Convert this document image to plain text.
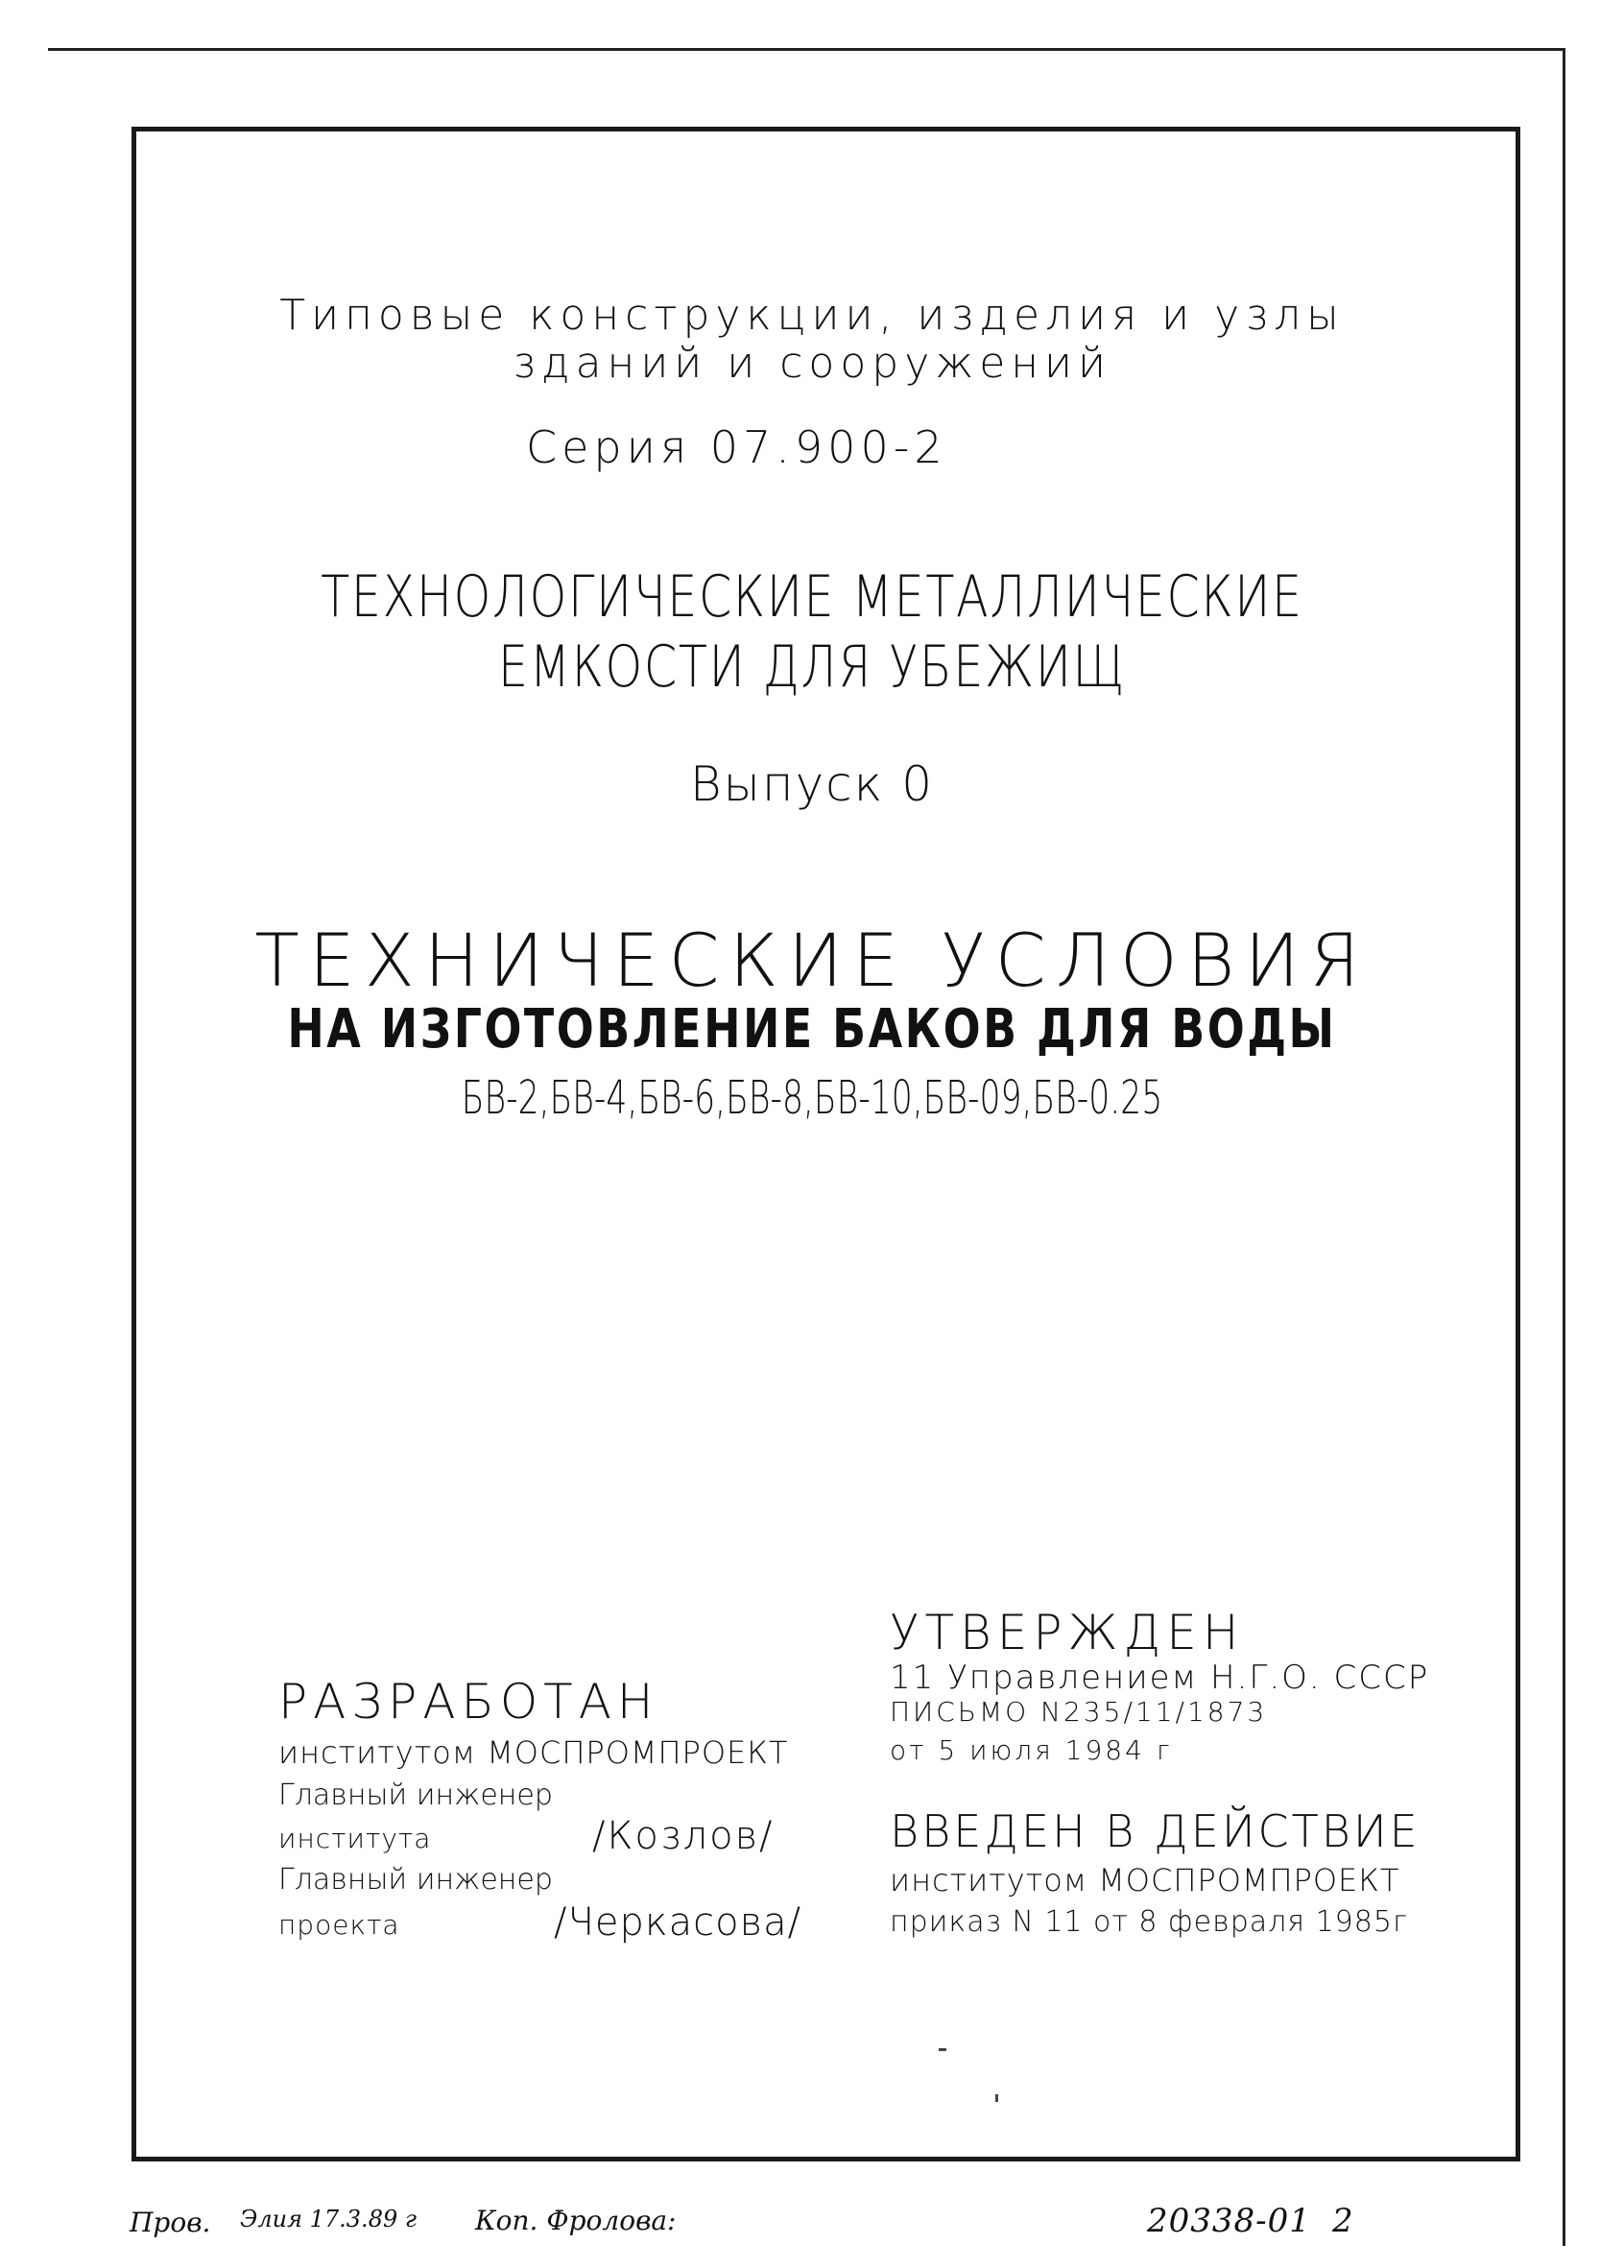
Типовые конструкции, изделия и узлы
зданий и сооружений
Серия 07.900-2
ТЕХНОЛОГИЧЕСКИЕ МЕТАЛЛИЧЕСКИЕ
ЕМКОСТИ ДЛЯ УБЕЖИЩ
Выпуск 0
ТЕХНИЧЕСКИЕ УСЛОВИЯ
НА ИЗГОТОВЛЕНИЕ БАКОВ ДЛЯ ВОДЫ
БВ-2,БВ-4,БВ-6,БВ-8,БВ-10,БВ-09,БВ-0.25
УТВЕРЖДЕН
11 Управлением Н.Г.О. СССР
ПИСЬМО N235/11/1873
от 5 июля 1984 г
РАЗРАБОТАН
институтом МОСПРОМПРОЕКТ
Главный инженер
института	/Козлов/
Главный инженер
проекта	/Черкасова/
ВВЕДЕН В ДЕЙСТВИЕ
институтом МОСПРОМПРОЕКТ
приказ N 11 от 8 февраля 1985г
Пров. Элия 17.3.89 г Коп. Фролова:	20338-01 2
